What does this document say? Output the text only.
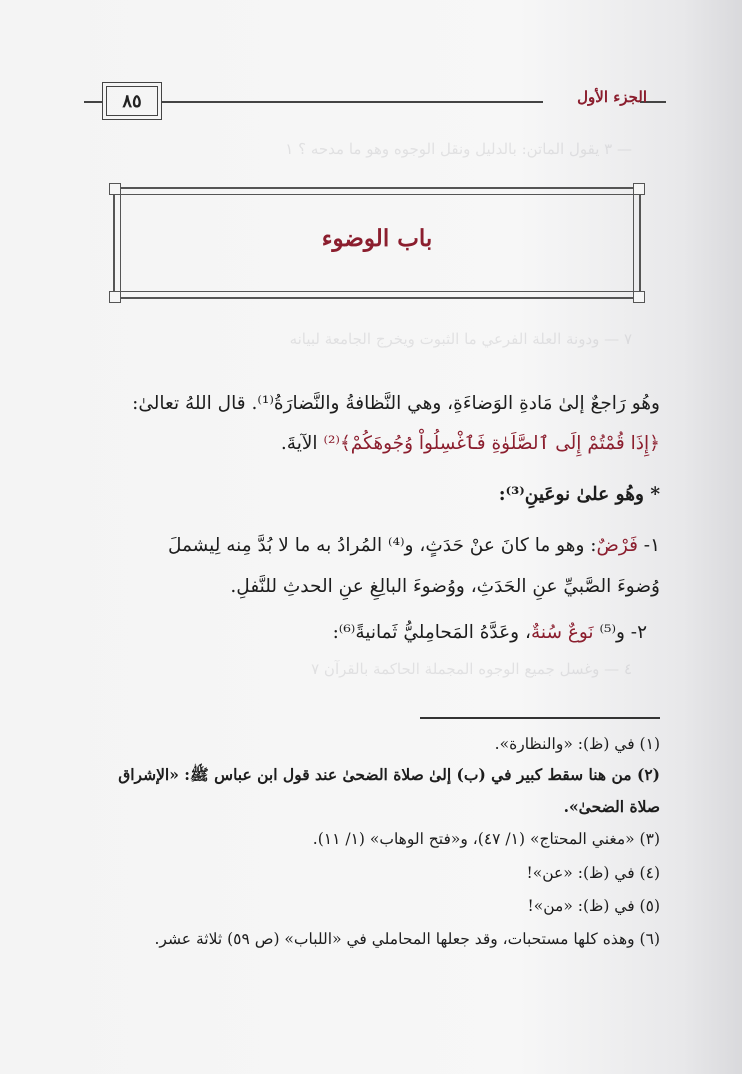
— ٣ يقول الماتن: بالدليل ونقل الوجوه وهو ما مدحه ؟ ١
٧ — ودونة العلة الفرعي ما الثبوت ويخرج الجامعة لبيانه
٤ — وغسل جميع الوجوه المجملة الحاكمة بالقرآن ٧
الجزء الأول
٨٥
باب الوضوء
وهُو رَاجعٌ إلىٰ مَادةِ الوَضاءَةِ، وهي النَّظافةُ والنَّضارَةُ⁽¹⁾. قال اللهُ تعالىٰ:
﴿إِذَا قُمْتُمْ إِلَى ٱلصَّلَوٰةِ فَٱغْسِلُواْ وُجُوهَكُمْ﴾⁽²⁾ الآيةَ.
* وهُو علىٰ نوعَينِ⁽³⁾:
١- فَرْضٌ: وهو ما كانَ عنْ حَدَثٍ، و⁽⁴⁾ المُرادُ به ما لا بُدَّ مِنه لِيشملَ
وُضوءَ الصَّبيِّ عنِ الحَدَثِ، ووُضوءَ البالِغِ عنِ الحدثِ للنَّفلِ.
٢- و⁽⁵⁾ نَوعٌ سُنةٌ، وعَدَّهُ المَحامِليُّ ثَمانيةً⁽⁶⁾:
(١) في (ظ): «والنظارة».
(٢) من هنا سقط كبير في (ب) إلىٰ صلاة الضحىٰ عند قول ابن عباس ﷺ: «الإشراق
صلاة الضحىٰ».
(٣) «مغني المحتاج» (١/ ٤٧)، و«فتح الوهاب» (١/ ١١).
(٤) في (ظ): «عن»!
(٥) في (ظ): «من»!
(٦) وهذه كلها مستحبات، وقد جعلها المحاملي في «اللباب» (ص ٥٩) ثلاثة عشر.
